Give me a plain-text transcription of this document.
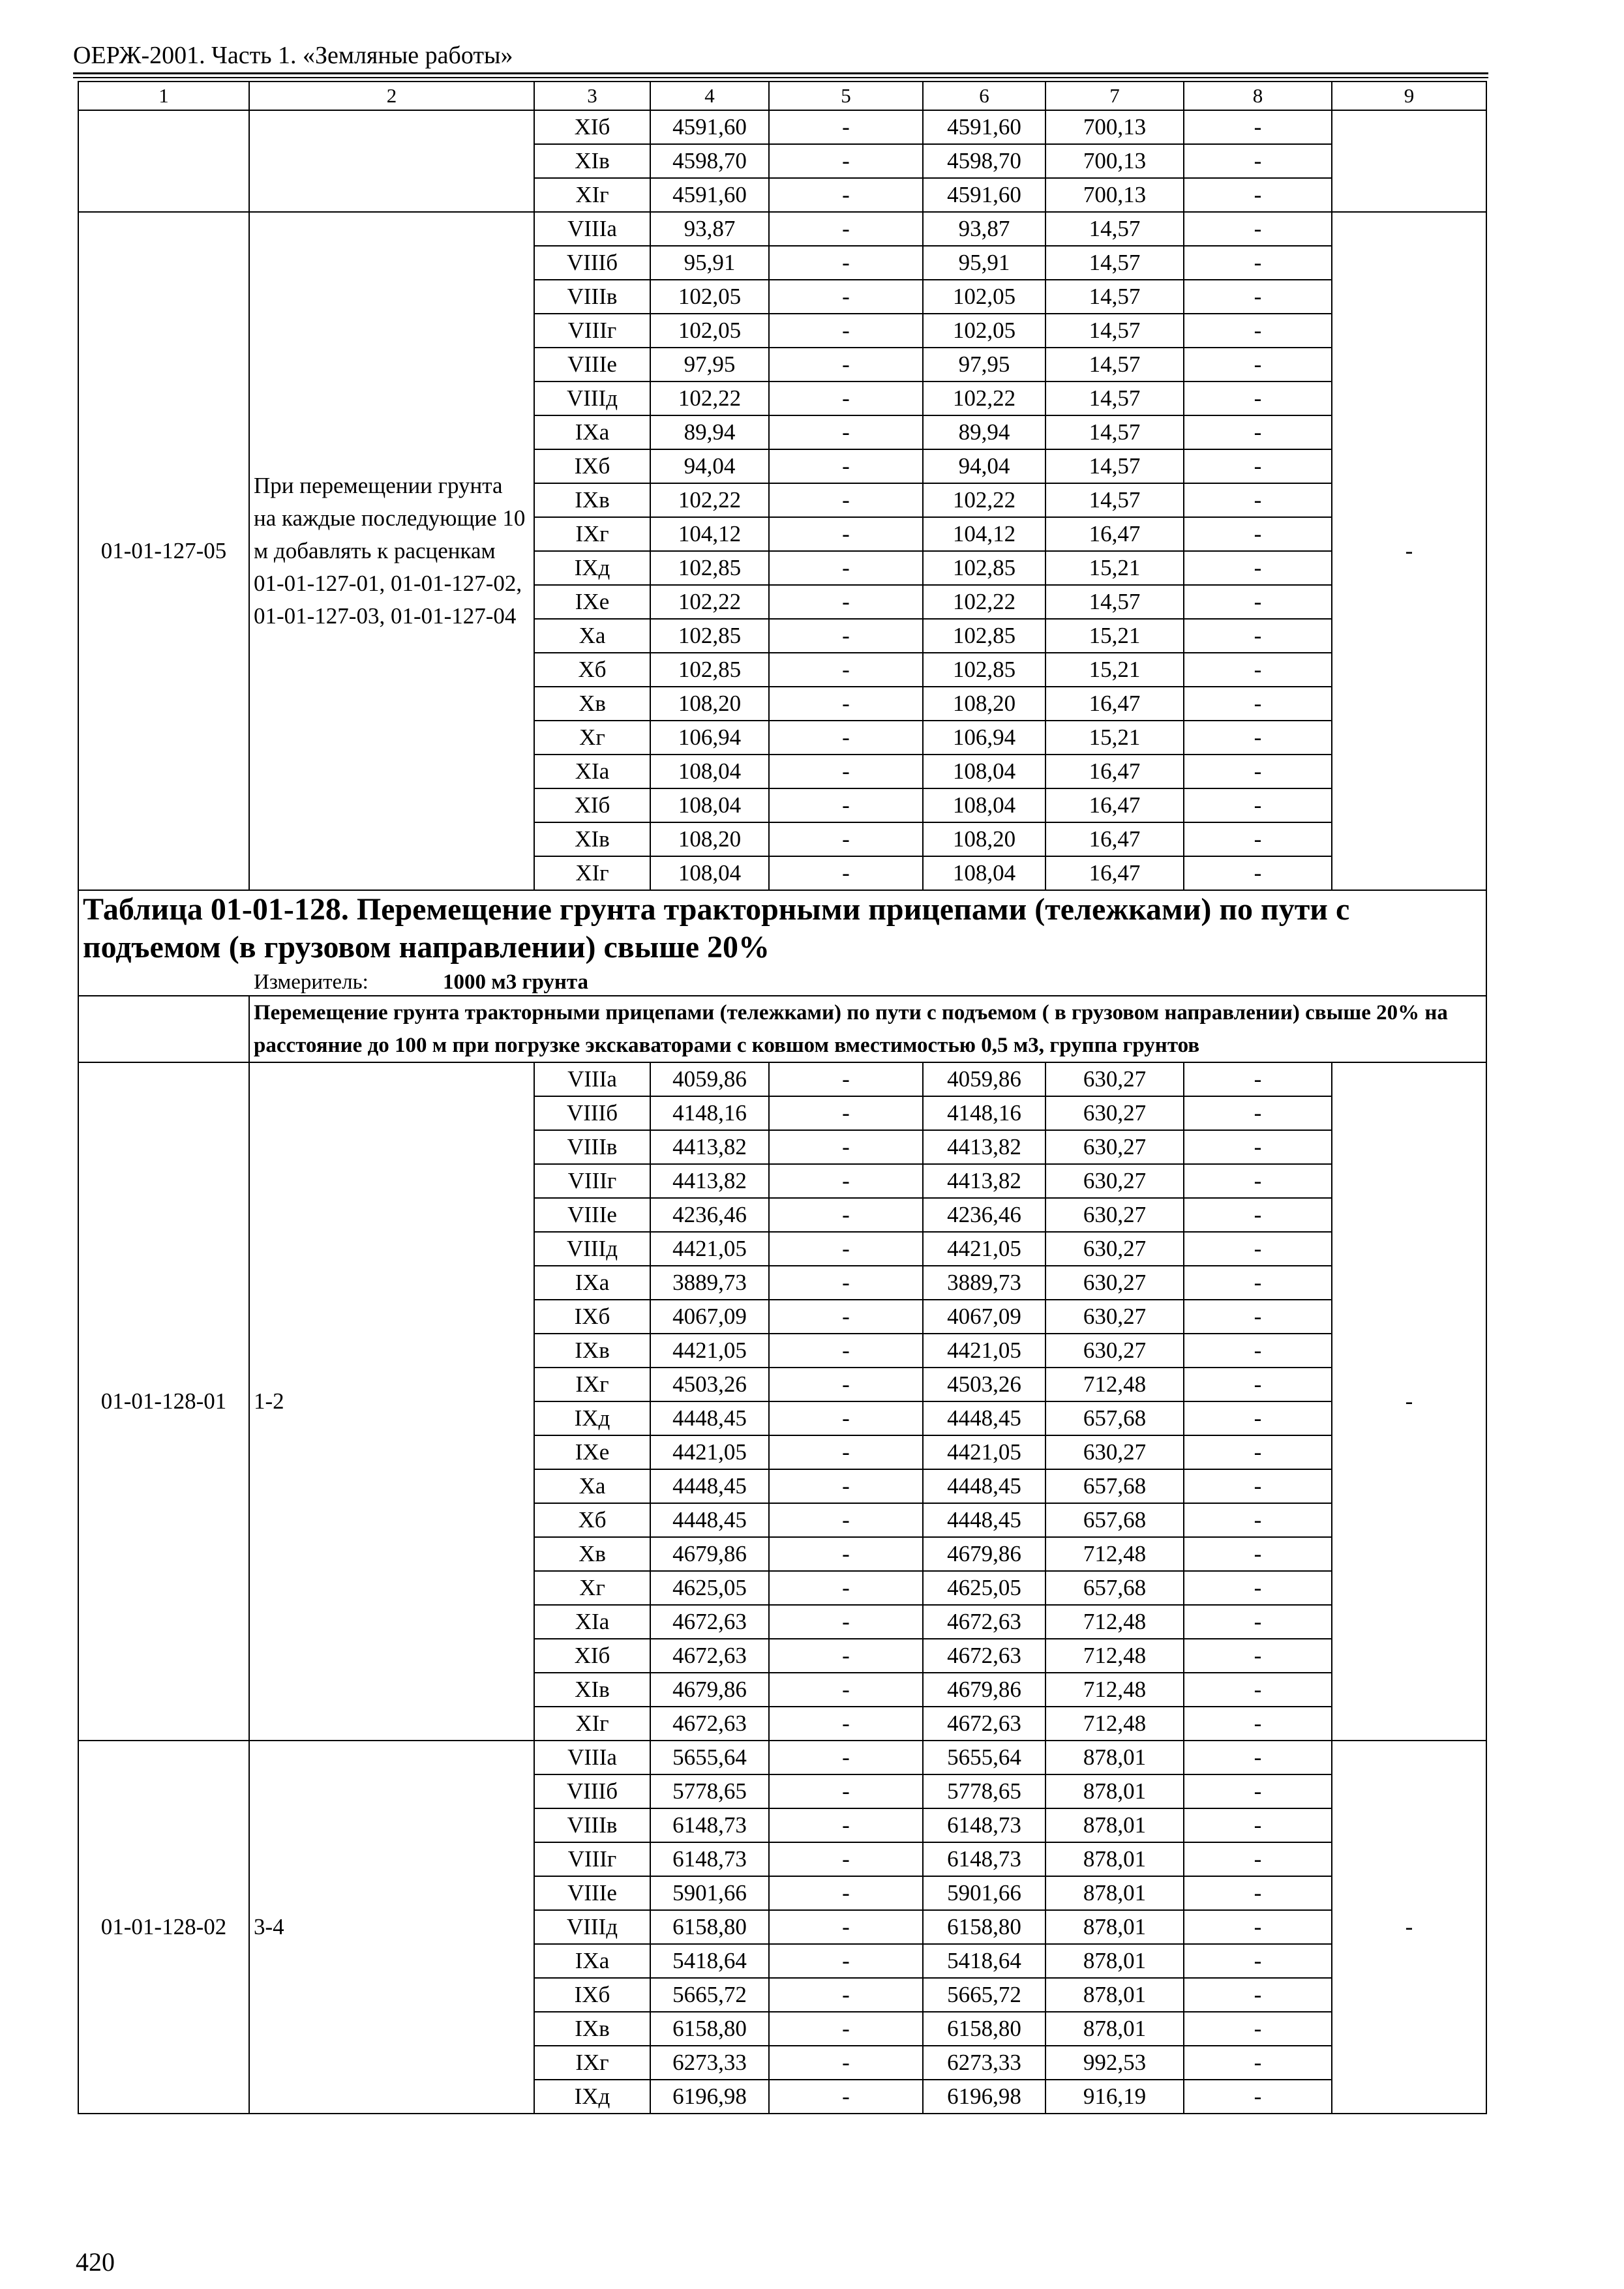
ОЕРЖ-2001. Часть 1. «Земляные работы»
1	2	3	4	5	6	7	8	9
		XIб	4591,60	-	4591,60	700,13	-	
		XIв	4598,70	-	4598,70	700,13	-	
		XIг	4591,60	-	4591,60	700,13	-	
01-01-127-05	При перемещении грунта на каждые последующие 10 м добавлять к расценкам 01-01-127-01, 01-01-127-02, 01-01-127-03, 01-01-127-04	VIIIа	93,87	-	93,87	14,57	-	-
		VIIIб	95,91	-	95,91	14,57	-	
		VIIIв	102,05	-	102,05	14,57	-	
		VIIIг	102,05	-	102,05	14,57	-	
		VIIIе	97,95	-	97,95	14,57	-	
		VIIIд	102,22	-	102,22	14,57	-	
		IXа	89,94	-	89,94	14,57	-	
		IXб	94,04	-	94,04	14,57	-	
		IXв	102,22	-	102,22	14,57	-	
		IXг	104,12	-	104,12	16,47	-	
		IXд	102,85	-	102,85	15,21	-	
		IXе	102,22	-	102,22	14,57	-	
		Xа	102,85	-	102,85	15,21	-	
		Xб	102,85	-	102,85	15,21	-	
		Xв	108,20	-	108,20	16,47	-	
		Xг	106,94	-	106,94	15,21	-	
		XIа	108,04	-	108,04	16,47	-	
		XIб	108,04	-	108,04	16,47	-	
		XIв	108,20	-	108,20	16,47	-	
		XIг	108,04	-	108,04	16,47	-	

Таблица 01-01-128. Перемещение грунта тракторными прицепами (тележками) по пути с подъемом (в грузовом направлении) свыше 20%
Измеритель: 1000 м3 грунта								

	Перемещение грунта тракторными прицепами (тележками) по пути с подъемом ( в грузовом направлении) свыше 20% на расстояние до 100 м при погрузке экскаваторами с ковшом вместимостью 0,5 м3, группа грунтов							
01-01-128-01	1-2	VIIIа	4059,86	-	4059,86	630,27	-	-
		VIIIб	4148,16	-	4148,16	630,27	-	
		VIIIв	4413,82	-	4413,82	630,27	-	
		VIIIг	4413,82	-	4413,82	630,27	-	
		VIIIе	4236,46	-	4236,46	630,27	-	
		VIIIд	4421,05	-	4421,05	630,27	-	
		IXа	3889,73	-	3889,73	630,27	-	
		IXб	4067,09	-	4067,09	630,27	-	
		IXв	4421,05	-	4421,05	630,27	-	
		IXг	4503,26	-	4503,26	712,48	-	
		IXд	4448,45	-	4448,45	657,68	-	
		IXе	4421,05	-	4421,05	630,27	-	
		Xа	4448,45	-	4448,45	657,68	-	
		Xб	4448,45	-	4448,45	657,68	-	
		Xв	4679,86	-	4679,86	712,48	-	
		Xг	4625,05	-	4625,05	657,68	-	
		XIа	4672,63	-	4672,63	712,48	-	
		XIб	4672,63	-	4672,63	712,48	-	
		XIв	4679,86	-	4679,86	712,48	-	
		XIг	4672,63	-	4672,63	712,48	-	
01-01-128-02	3-4	VIIIа	5655,64	-	5655,64	878,01	-	-
		VIIIб	5778,65	-	5778,65	878,01	-	
		VIIIв	6148,73	-	6148,73	878,01	-	
		VIIIг	6148,73	-	6148,73	878,01	-	
		VIIIе	5901,66	-	5901,66	878,01	-	
		VIIIд	6158,80	-	6158,80	878,01	-	
		IXа	5418,64	-	5418,64	878,01	-	
		IXб	5665,72	-	5665,72	878,01	-	
		IXв	6158,80	-	6158,80	878,01	-	
		IXг	6273,33	-	6273,33	992,53	-	
		IXд	6196,98	-	6196,98	916,19	-	
420
